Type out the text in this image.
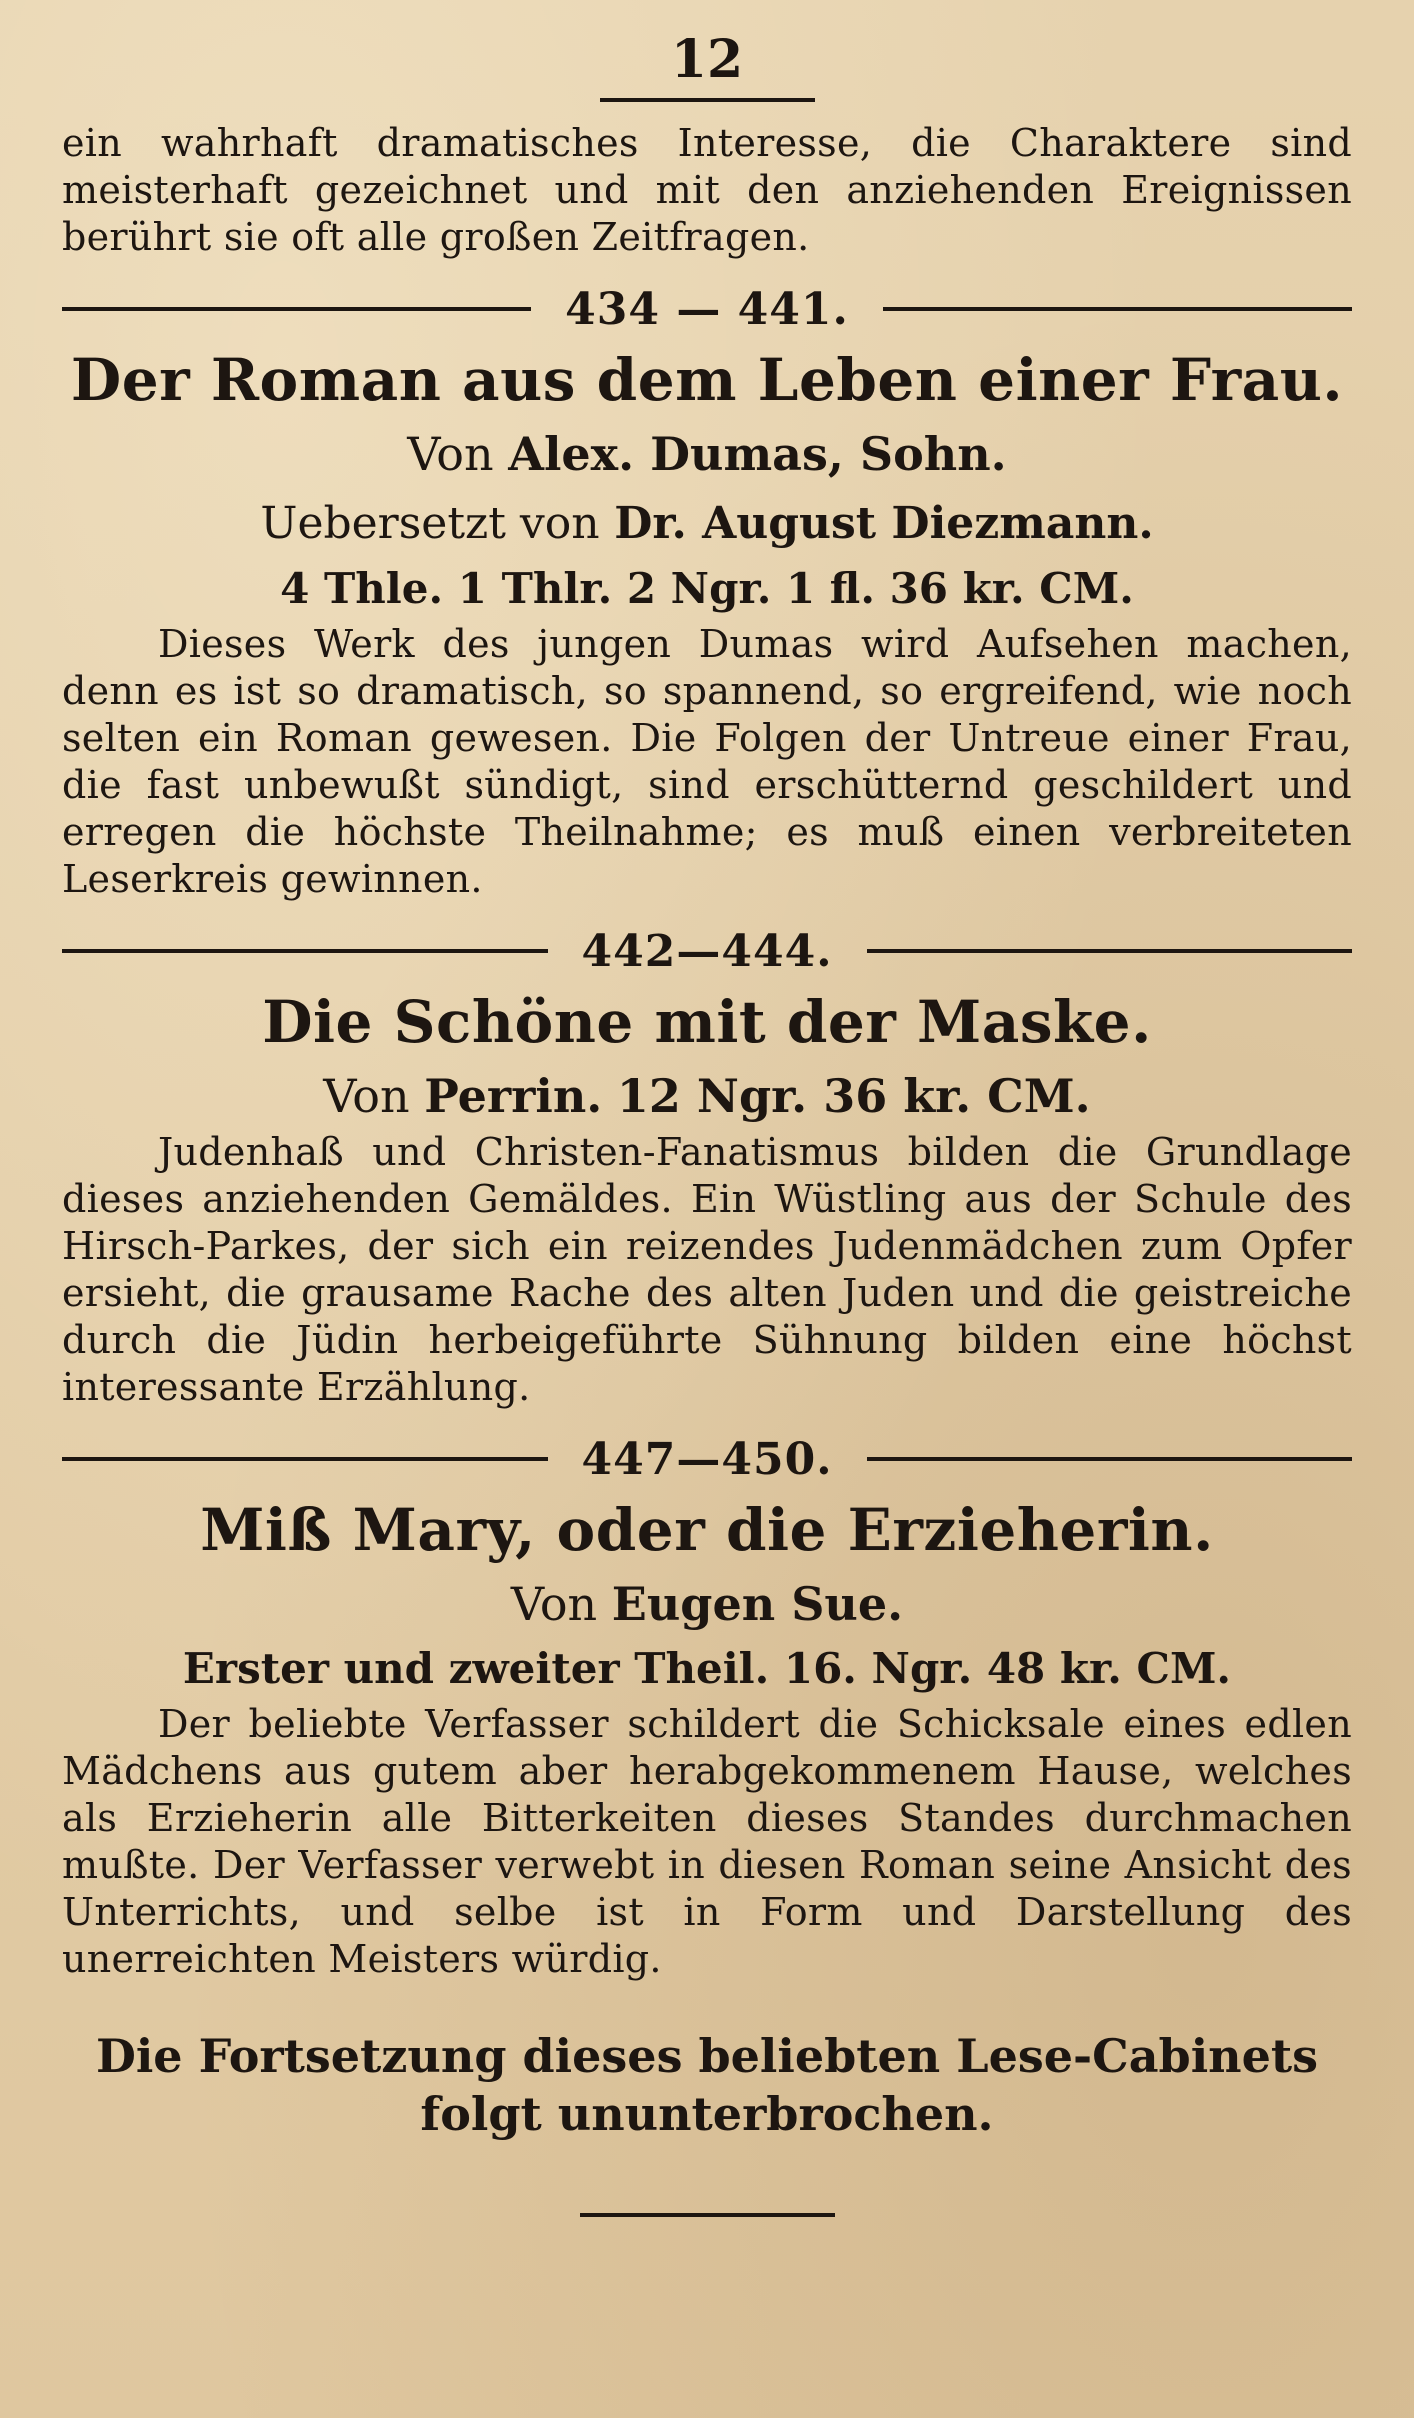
12

ein wahrhaft dramatisches Interesse, die Charaktere sind meisterhaft gezeichnet und mit den anziehenden Ereignissen berührt sie oft alle großen Zeitfragen.

434 — 441.
Der Roman aus dem Leben einer Frau.
Von Alex. Dumas, Sohn.
Uebersetzt von Dr. August Diezmann.
4 Thle. 1 Thlr. 2 Ngr. 1 fl. 36 kr. CM.

Dieses Werk des jungen Dumas wird Aufsehen machen, denn es ist so dramatisch, so spannend, so ergreifend, wie noch selten ein Roman gewesen. Die Folgen der Untreue einer Frau, die fast unbewußt sündigt, sind erschütternd geschildert und erregen die höchste Theilnahme; es muß einen verbreiteten Leserkreis gewinnen.

442—444.
Die Schöne mit der Maske.
Von Perrin. 12 Ngr. 36 kr. CM.

Judenhaß und Christen-Fanatismus bilden die Grundlage dieses anziehenden Gemäldes. Ein Wüstling aus der Schule des Hirsch-Parkes, der sich ein reizendes Judenmädchen zum Opfer ersieht, die grausame Rache des alten Juden und die geistreiche durch die Jüdin herbeigeführte Sühnung bilden eine höchst interessante Erzählung.

447—450.
Miß Mary, oder die Erzieherin.
Von Eugen Sue.
Erster und zweiter Theil. 16. Ngr. 48 kr. CM.

Der beliebte Verfasser schildert die Schicksale eines edlen Mädchens aus gutem aber herabgekommenem Hause, welches als Erzieherin alle Bitterkeiten dieses Standes durchmachen mußte. Der Verfasser verwebt in diesen Roman seine Ansicht des Unterrichts, und selbe ist in Form und Darstellung des unerreichten Meisters würdig.

Die Fortsetzung dieses beliebten Lese-Cabinets folgt ununterbrochen.
